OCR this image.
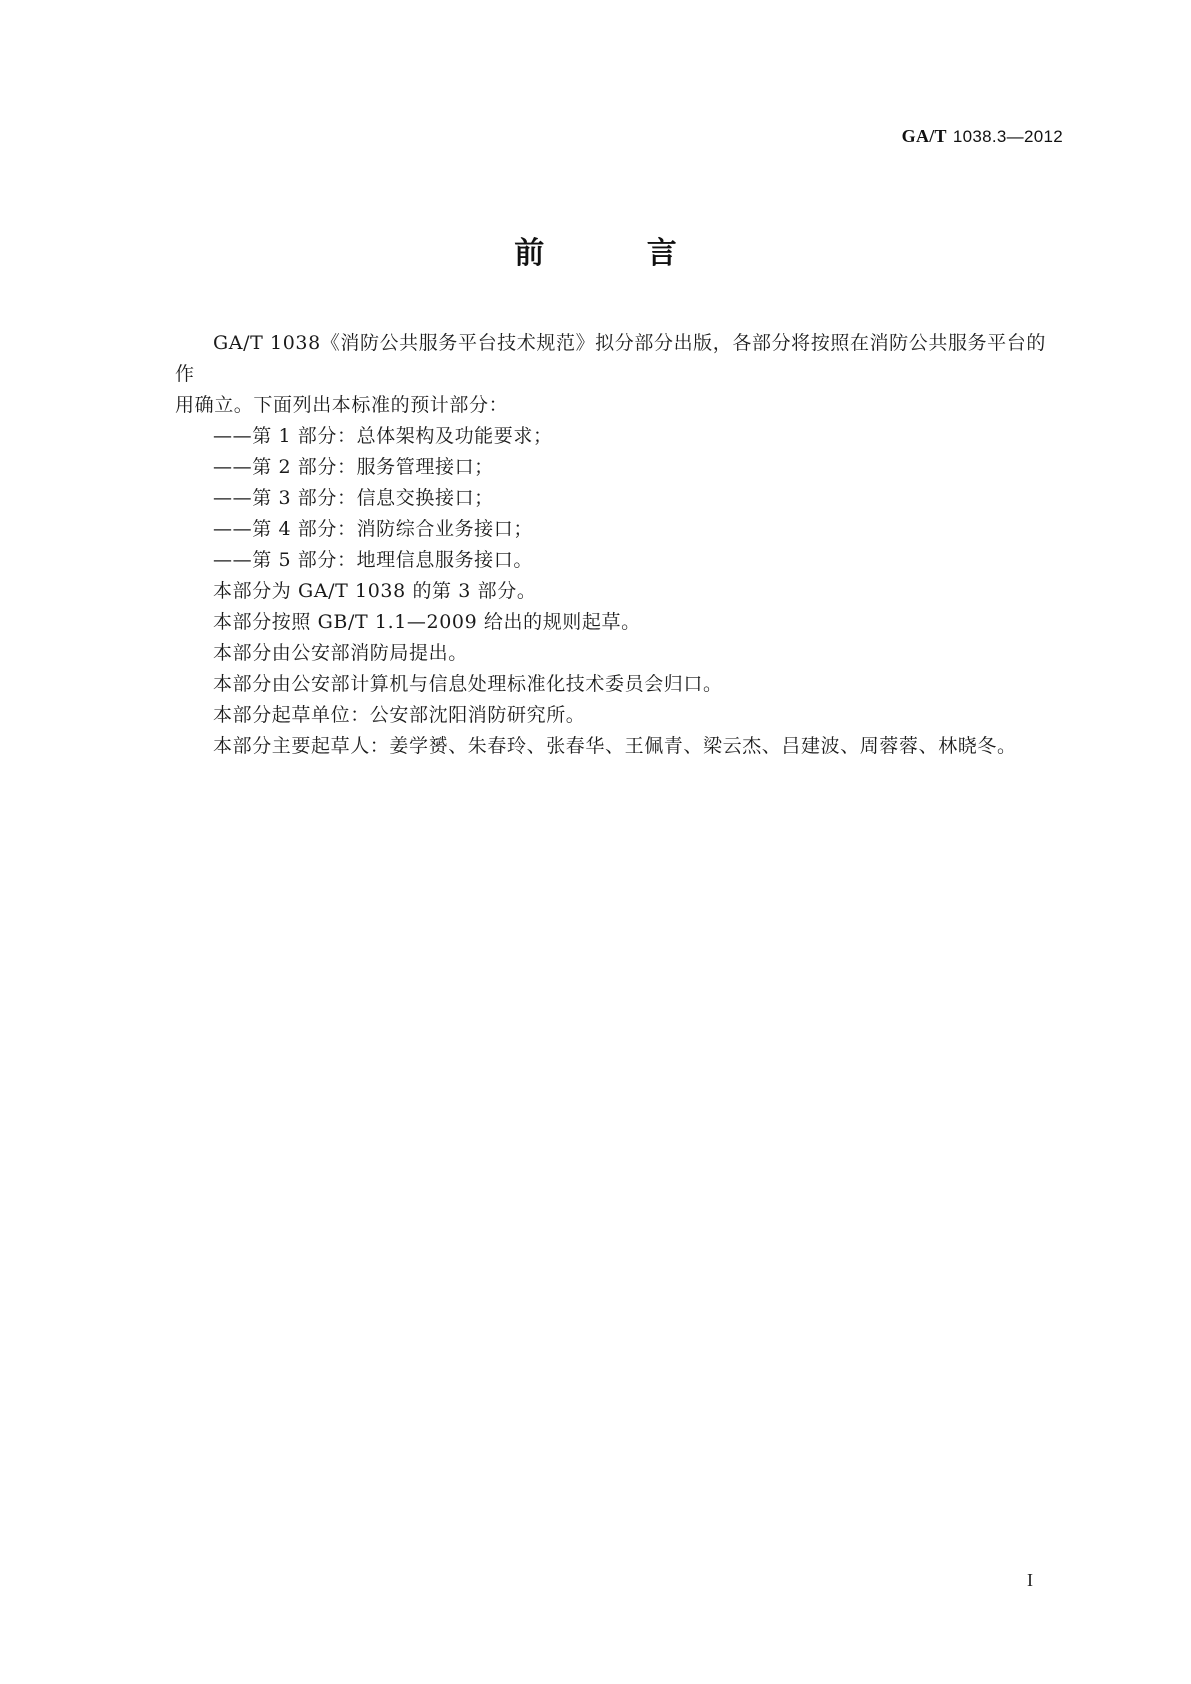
GA/T 1038.3—2012
前 言

GA/T 1038《消防公共服务平台技术规范》拟分部分出版，各部分将按照在消防公共服务平台的作

用确立。下面列出本标准的预计部分：

——第 1 部分：总体架构及功能要求；

——第 2 部分：服务管理接口；

——第 3 部分：信息交换接口；

——第 4 部分：消防综合业务接口；

——第 5 部分：地理信息服务接口。

本部分为 GA/T 1038 的第 3 部分。

本部分按照 GB/T 1.1—2009 给出的规则起草。

本部分由公安部消防局提出。

本部分由公安部计算机与信息处理标准化技术委员会归口。

本部分起草单位：公安部沈阳消防研究所。

本部分主要起草人：姜学赟、朱春玲、张春华、王佩青、梁云杰、吕建波、周蓉蓉、林晓冬。

I
